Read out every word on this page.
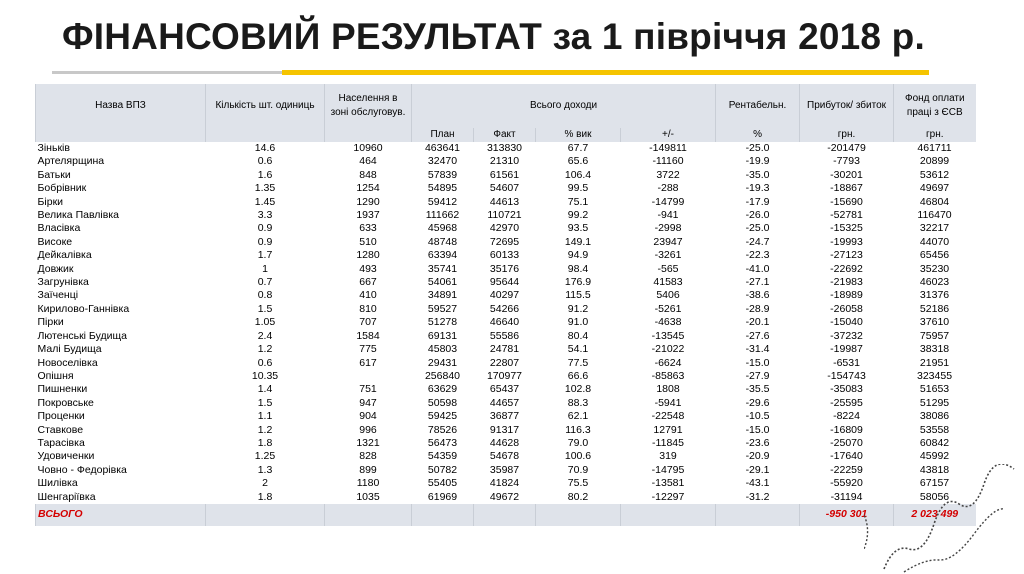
ФІНАНСОВИЙ РЕЗУЛЬТАТ за 1 півріччя 2018 р.
Назва ВПЗ	Кількість шт. одиниць	Населення в зоні обслуговув.	Всього доходи				Рентабельн.	Прибуток/ збиток	Фонд оплати праці з ЄСВ
			План	Факт	% вик	+/-	%	грн.	грн.
Зіньків	14.6	10960	463641	313830	67.7	-149811	-25.0	-201479	461711
Артелярщина	0.6	464	32470	21310	65.6	-11160	-19.9	-7793	20899
Батьки	1.6	848	57839	61561	106.4	3722	-35.0	-30201	53612
Бобрівник	1.35	1254	54895	54607	99.5	-288	-19.3	-18867	49697
Бірки	1.45	1290	59412	44613	75.1	-14799	-17.9	-15690	46804
Велика Павлівка	3.3	1937	111662	110721	99.2	-941	-26.0	-52781	116470
Власівка	0.9	633	45968	42970	93.5	-2998	-25.0	-15325	32217
Високе	0.9	510	48748	72695	149.1	23947	-24.7	-19993	44070
Дейкалівка	1.7	1280	63394	60133	94.9	-3261	-22.3	-27123	65456
Довжик	1	493	35741	35176	98.4	-565	-41.0	-22692	35230
Загрунівка	0.7	667	54061	95644	176.9	41583	-27.1	-21983	46023
Заїченці	0.8	410	34891	40297	115.5	5406	-38.6	-18989	31376
Кирилово-Ганнівка	1.5	810	59527	54266	91.2	-5261	-28.9	-26058	52186
Пірки	1.05	707	51278	46640	91.0	-4638	-20.1	-15040	37610
Лютенські Будища	2.4	1584	69131	55586	80.4	-13545	-27.6	-37232	75957
Малі Будища	1.2	775	45803	24781	54.1	-21022	-31.4	-19987	38318
Новоселівка	0.6	617	29431	22807	77.5	-6624	-15.0	-6531	21951
Опішня	10.35		256840	170977	66.6	-85863	-27.9	-154743	323455
Пишненки	1.4	751	63629	65437	102.8	1808	-35.5	-35083	51653
Покровське	1.5	947	50598	44657	88.3	-5941	-29.6	-25595	51295
Проценки	1.1	904	59425	36877	62.1	-22548	-10.5	-8224	38086
Ставкове	1.2	996	78526	91317	116.3	12791	-15.0	-16809	53558
Тарасівка	1.8	1321	56473	44628	79.0	-11845	-23.6	-25070	60842
Удовиченки	1.25	828	54359	54678	100.6	319	-20.9	-17640	45992
Човно - Федорівка	1.3	899	50782	35987	70.9	-14795	-29.1	-22259	43818
Шилівка	2	1180	55405	41824	75.5	-13581	-43.1	-55920	67157
Шенгаріївка	1.8	1035	61969	49672	80.2	-12297	-31.2	-31194	58056
ВСЬОГО								-950 301	2 023 499
